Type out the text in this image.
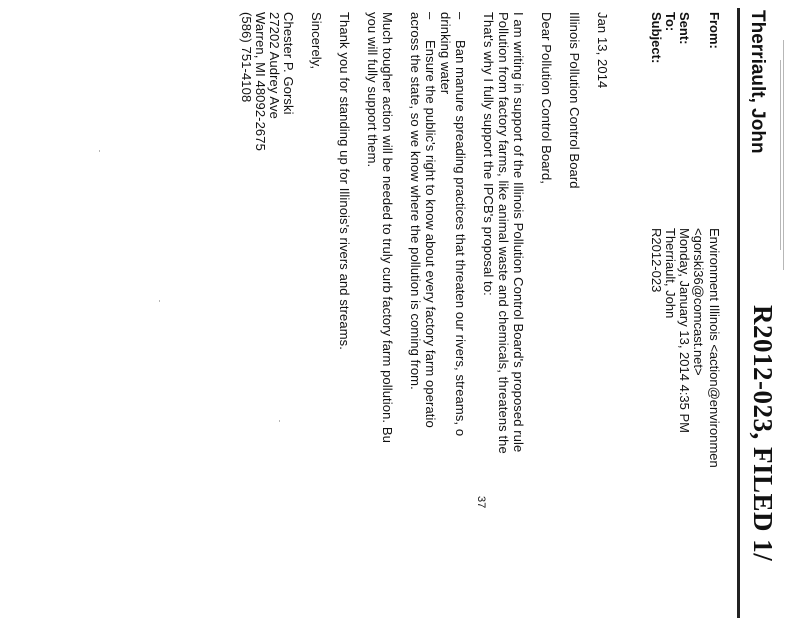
R2012-023, FILED 1/
Therriault, John
From:
Environment Illinois <action@environmen
<gorski36@comcast.net>
Sent:
Monday, January 13, 2014 4:35 PM
To:
Therriault, John
Subject:
R2012-023
Jan 13, 2014
Illinois Pollution Control Board
Dear Pollution Control Board,
I am writing in support of the Illinois Pollution Control Board's proposed rule
Pollution from factory farms, like animal waste and chemicals, threatens the
That's why I fully support the IPCB's proposal to:
–
Ban manure spreading practices that threaten our rivers, streams, o
drinking water
–
Ensure the public's right to know about every factory farm operatio
across the state, so we know where the pollution is coming from.
Much tougher action will be needed to truly curb factory farm pollution. Bu
you will fully support them.
Thank you for standing up for Illinois's rivers and streams.
Sincerely,
Chester P. Gorski
27202 Audrey Ave
Warren, MI 48092-2675
(586) 751-4108
37
